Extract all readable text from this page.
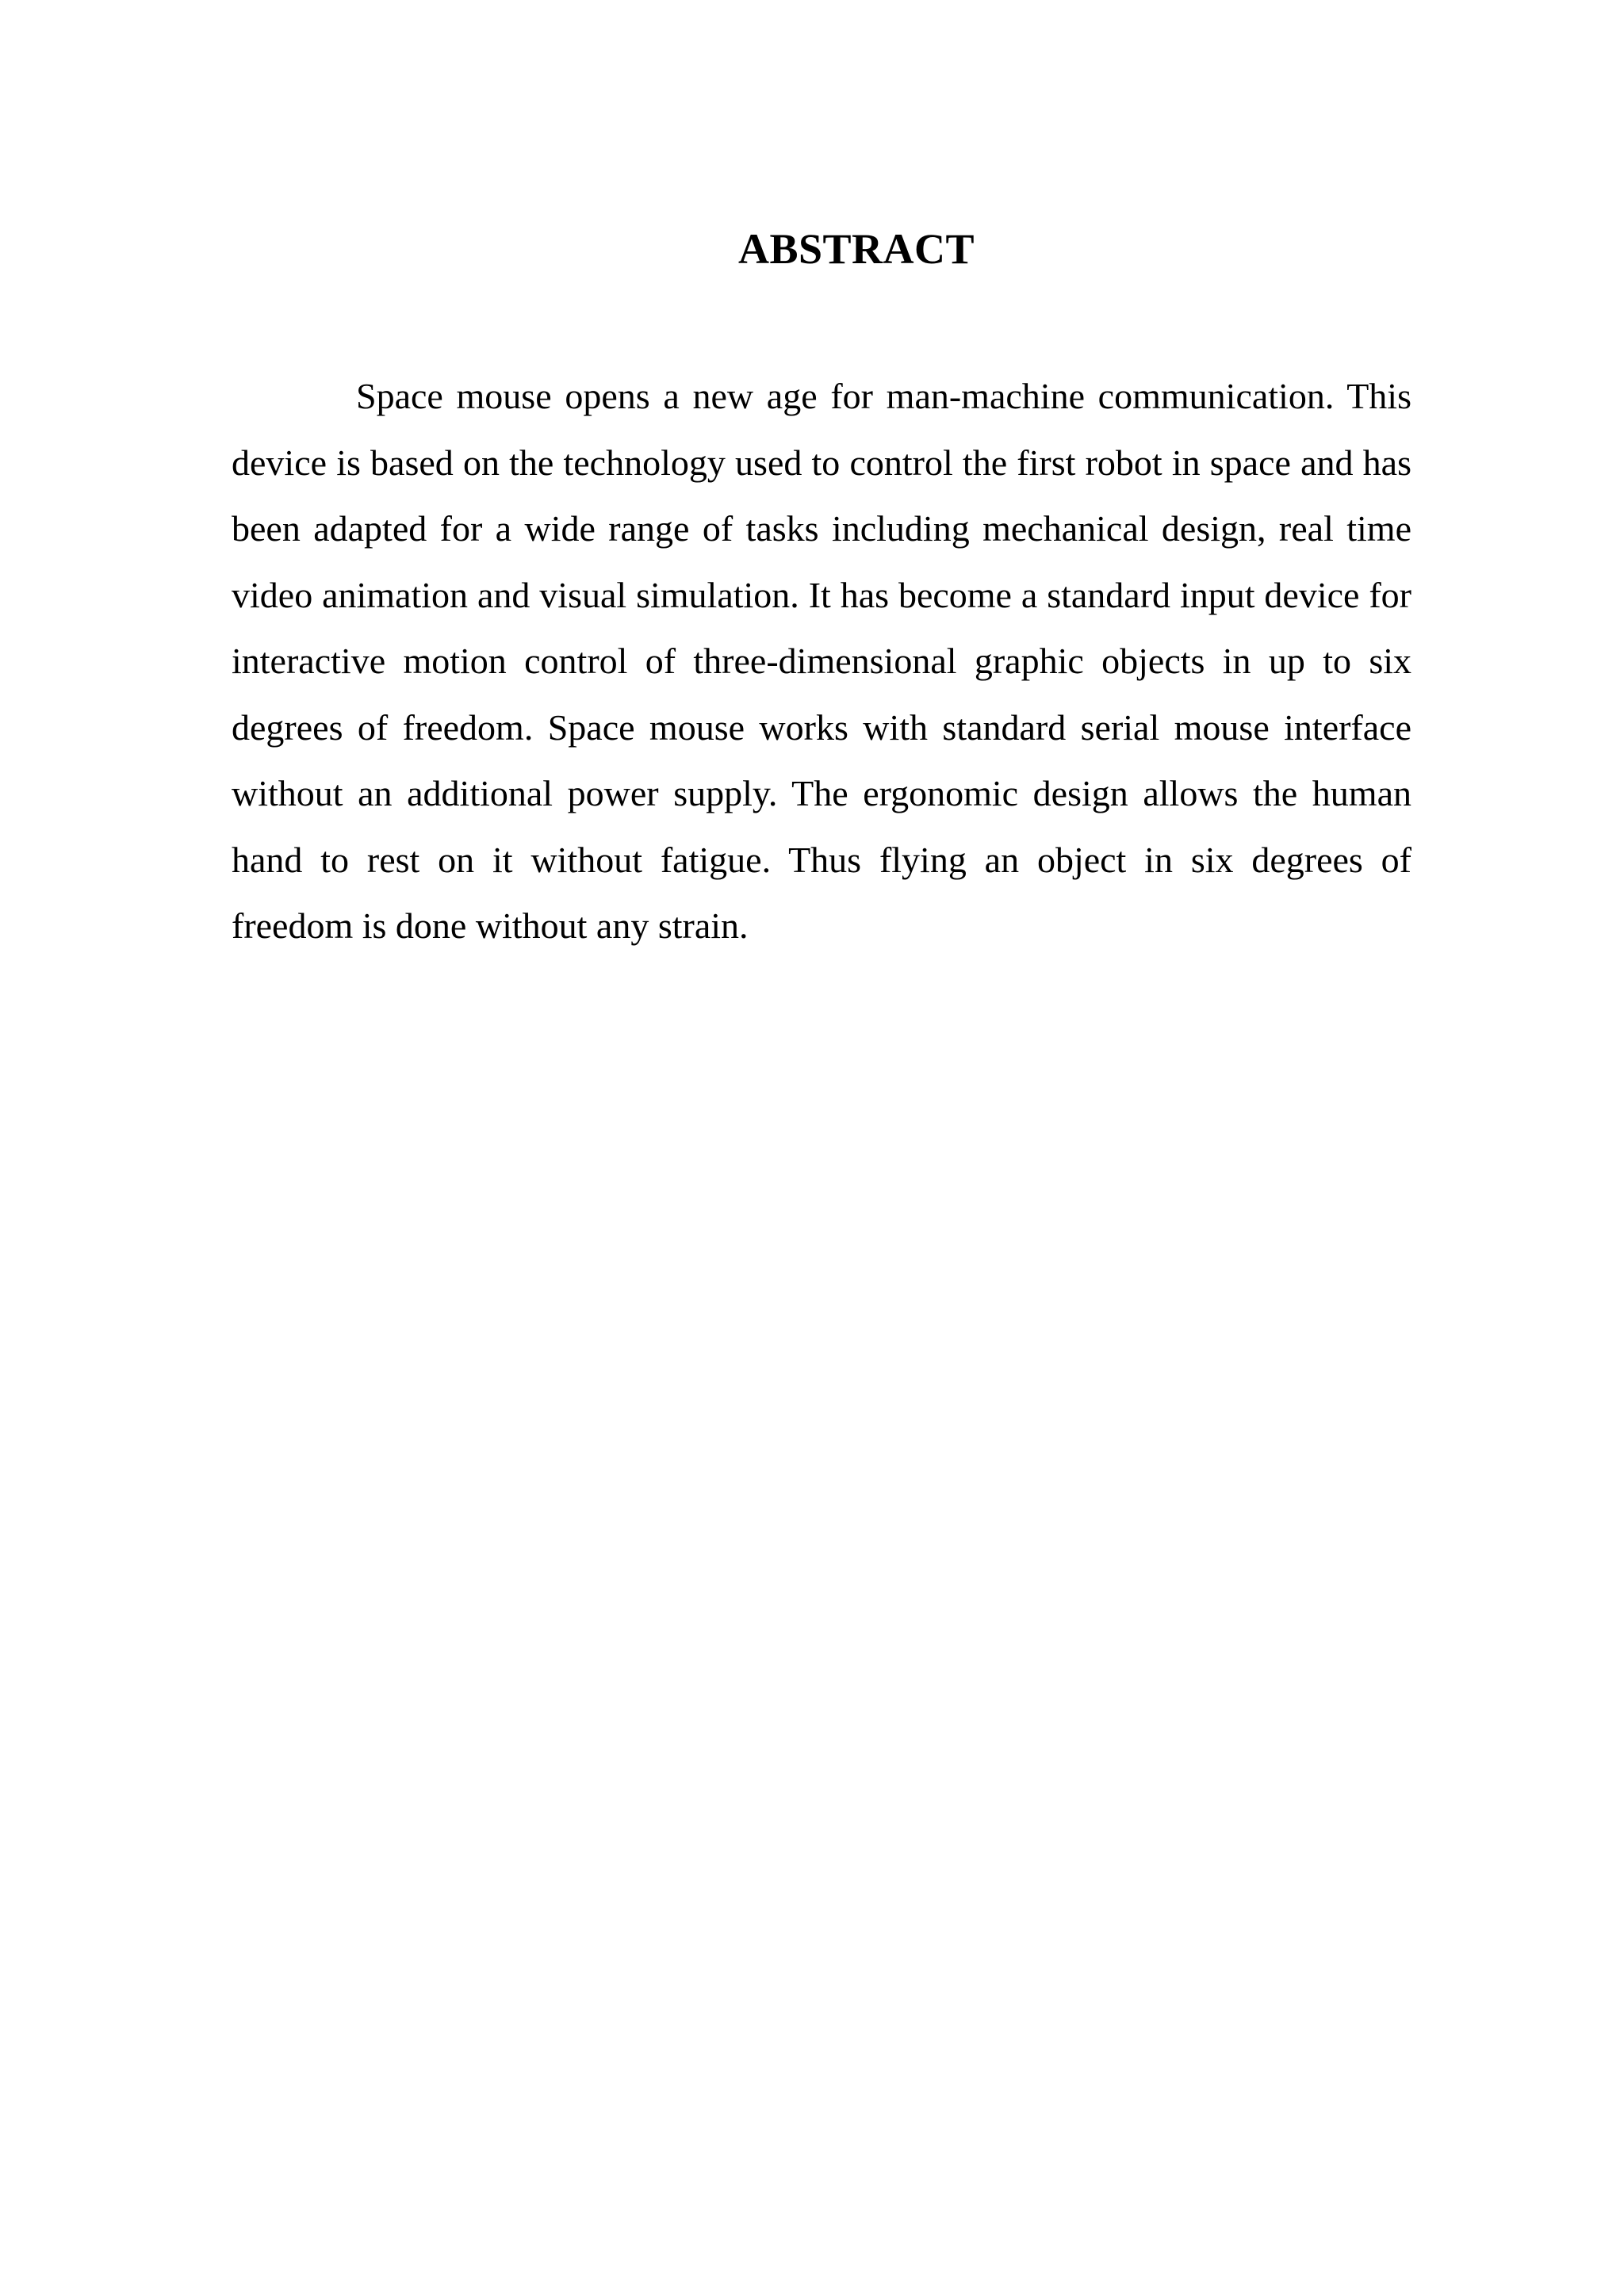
ABSTRACT

Space mouse opens a new age for man-machine communication. This device is based on the technology used to control the first robot in space and has been adapted for a wide range of tasks including mechanical design, real time video animation and visual simulation. It has become a standard input device for interactive motion control of three-dimensional graphic objects in up to six degrees of freedom. Space mouse works with standard serial mouse interface without an additional power supply. The ergonomic design allows the human hand to rest on it without fatigue. Thus flying an object in six degrees of freedom is done without any strain.
